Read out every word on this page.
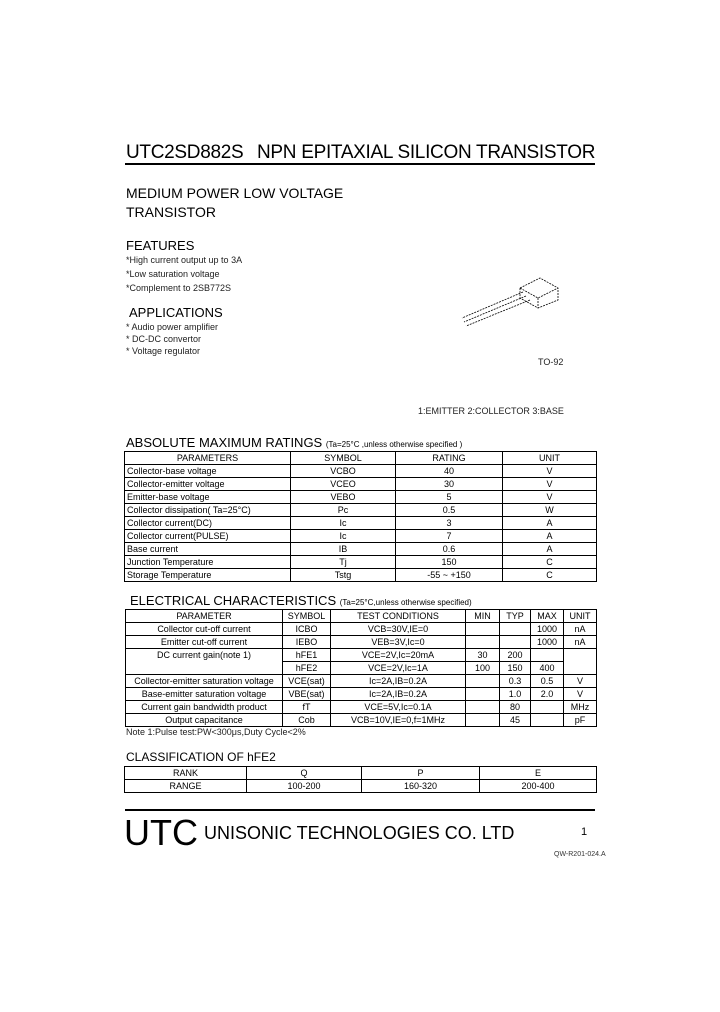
UTC2SD882S NPN EPITAXIAL SILICON TRANSISTOR
MEDIUM POWER LOW VOLTAGE
TRANSISTOR
FEATURES
*High current output up to 3A
*Low saturation voltage
*Complement to 2SB772S
APPLICATIONS
* Audio power amplifier
* DC-DC convertor
* Voltage regulator
TO-92
1:EMITTER 2:COLLECTOR 3:BASE
ABSOLUTE MAXIMUM RATINGS (Ta=25°C ,unless otherwise specified )
PARAMETERS	SYMBOL	RATING	UNIT
Collector-base voltage	VCBO	40	V
Collector-emitter voltage	VCEO	30	V
Emitter-base voltage	VEBO	5	V
Collector dissipation( Ta=25°C)	Pc	0.5	W
Collector current(DC)	Ic	3	A
Collector current(PULSE)	Ic	7	A
Base current	IB	0.6	A
Junction Temperature	Tj	150	C
Storage Temperature	Tstg	-55 ~ +150	C
ELECTRICAL CHARACTERISTICS (Ta=25°C,unless otherwise specified)
PARAMETER	SYMBOL	TEST CONDITIONS	MIN	TYP	MAX	UNIT
Collector cut-off current	ICBO	VCB=30V,IE=0			1000	nA
Emitter cut-off current	IEBO	VEB=3V,Ic=0			1000	nA
DC current gain(note 1)	hFE1	VCE=2V,Ic=20mA	30	200		
	hFE2	VCE=2V,Ic=1A	100	150	400	
Collector-emitter saturation voltage	VCE(sat)	Ic=2A,IB=0.2A		0.3	0.5	V
Base-emitter saturation voltage	VBE(sat)	Ic=2A,IB=0.2A		1.0	2.0	V
Current gain bandwidth product	fT	VCE=5V,Ic=0.1A		80		MHz
Output capacitance	Cob	VCB=10V,IE=0,f=1MHz		45		pF
Note 1:Pulse test:PW<300μs,Duty Cycle<2%
CLASSIFICATION OF hFE2
RANK	Q	P	E
RANGE	100-200	160-320	200-400
UTC UNISONIC TECHNOLOGIES CO. LTD	1
QW-R201-024.A
